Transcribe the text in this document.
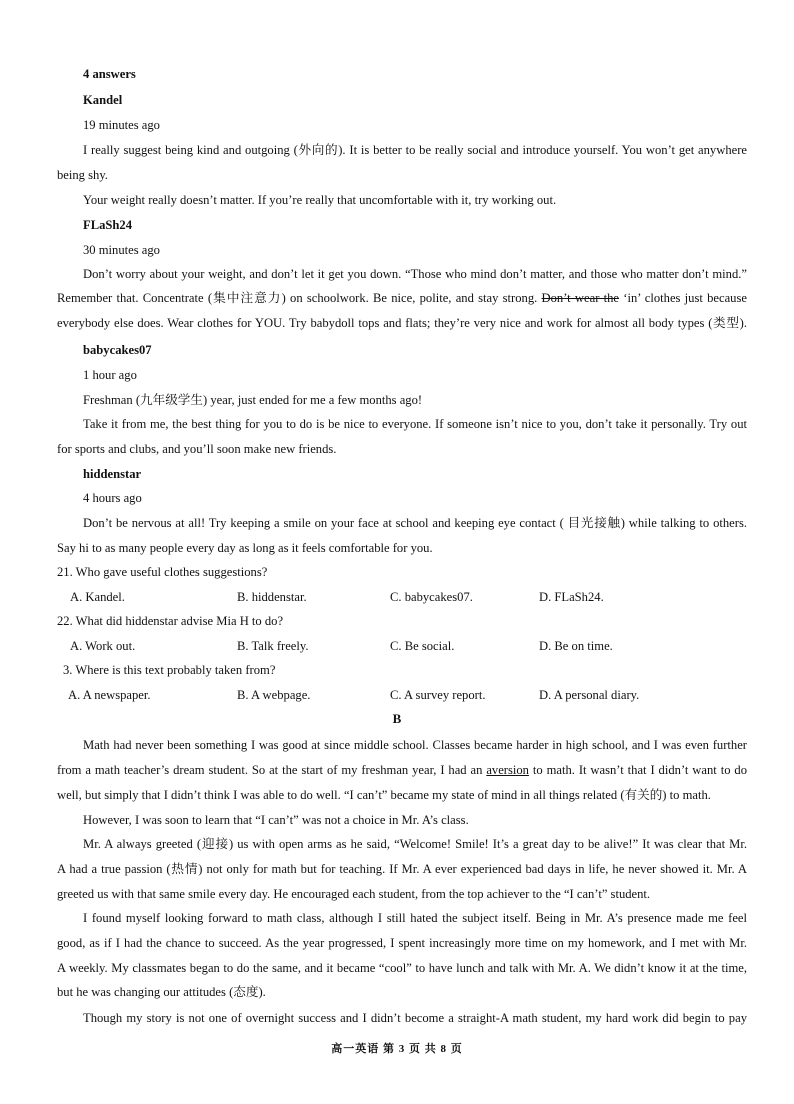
4 answers
Kandel
19 minutes ago
I really suggest being kind and outgoing (外向的). It is better to be really social and introduce yourself. You won’t get anywhere
being shy.
Your weight really doesn’t matter. If you’re really that uncomfortable with it, try working out.
FLaSh24
30 minutes ago
Don’t worry about your weight, and don’t let it get you down. “Those who mind don’t matter, and those who matter don’t mind.”
Remember that. Concentrate (集中注意力) on schoolwork. Be nice, polite, and stay strong. Don’t wear the ‘in’ clothes just because
everybody else does. Wear clothes for YOU. Try babydoll tops and flats; they’re very nice and work for almost all body types (类型).
babycakes07
1 hour ago
Freshman (九年级学生) year, just ended for me a few months ago!
Take it from me, the best thing for you to do is be nice to everyone. If someone isn’t nice to you, don’t take it personally. Try out
for sports and clubs, and you’ll soon make new friends.
hiddenstar
4 hours ago
Don’t be nervous at all! Try keeping a smile on your face at school and keeping eye contact ( 目光接触) while talking to others.
Say hi to as many people every day as long as it feels comfortable for you.
21. Who gave useful clothes suggestions?
A. Kandel.	B. hiddenstar.	C. babycakes07.	D. FLaSh24.
22. What did hiddenstar advise Mia H to do?
A. Work out.	B. Talk freely.	C. Be social.	D. Be on time.
3. Where is this text probably taken from?
A. A newspaper.	B. A webpage.	C. A survey report.	D. A personal diary.
B
Math had never been something I was good at since middle school. Classes became harder in high school, and I was even further
from a math teacher’s dream student. So at the start of my freshman year, I had an aversion to math. It wasn’t that I didn’t want to do
well, but simply that I didn’t think I was able to do well. “I can’t” became my state of mind in all things related (有关的) to math.
However, I was soon to learn that “I can’t” was not a choice in Mr. A’s class.
Mr. A always greeted (迎接) us with open arms as he said, “Welcome! Smile! It’s a great day to be alive!” It was clear that Mr.
A had a true passion (热情) not only for math but for teaching. If Mr. A ever experienced bad days in life, he never showed it. Mr. A
greeted us with that same smile every day. He encouraged each student, from the top achiever to the “I can’t” student.
I found myself looking forward to math class, although I still hated the subject itself. Being in Mr. A’s presence made me feel
good, as if I had the chance to succeed. As the year progressed, I spent increasingly more time on my homework, and I met with Mr.
A weekly. My classmates began to do the same, and it became “cool” to have lunch and talk with Mr. A. We didn’t know it at the time,
but he was changing our attitudes (态度).
Though my story is not one of overnight success and I didn’t become a straight-A math student, my hard work did begin to pay
高一英语 第 3 页 共 8 页
